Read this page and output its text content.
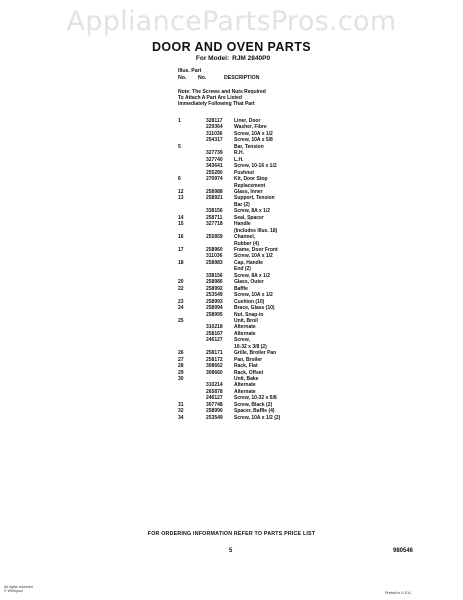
AppliancePartsPros.com
DOOR AND OVEN PARTS
For Model: RJM 2840P0
Illus. Part
No. No.	DESCRIPTION
Note: The Screws and Nuts Required
To Attach A Part Are Listed
Immediately Following That Part
1	328117 Liner, Door
229364 Washer, Fibre
311036 Screw, 10A x 1/2
254317 Screw, 10A x 5/8
5	Bar, Tension
327739 R.H.
327740 L.H.
343641 Screw, 10-16 x 1/2
255280 Pushnut
6	270974 Kit, Door Stop
Replacement
12	258988 Glass, Inner
13	258921 Support, Tension
Bar (2)
338156 Screw, 8A x 1/2
14	258711 Seal, Spacer
15	327718 Handle
(Includes Illus. 18)
16	255859 Channel,
Rubber (4)
17	258960 Frame, Door Front
311036 Screw, 10A x 1/2
18	258983 Cap, Handle
End (2)
338156 Screw, 8A x 1/2
20	258986 Glass, Outer
22	258992 Baffle
253549 Screw, 10A x 1/2
23	258993 Cushion (10)
24	258994 Brace, Glass (10)
258995 Nut, Snap-in
25	Unit, Broil
310218 Alternate
258167 Alternate
246127 Screw,
10-32 x 3/8 (2)
26	258171 Grille, Broiler Pan
27	258172 Pan, Broiler
28	308662 Rack, Flat
29	308660 Rack, Offset
30	Unit, Bake
310214 Alternate
265878 Alternate
246127 Screw, 10-32 x 5/8
31	307748 Screw, Black (2)
32	258990 Spacer, Baffle (4)
34	253549 Screw, 10A x 1/2 (2)
FOR ORDERING INFORMATION REFER TO PARTS PRICE LIST
5	980546
All rights reserved
© Whirlpool	Printed in U.S.A.
